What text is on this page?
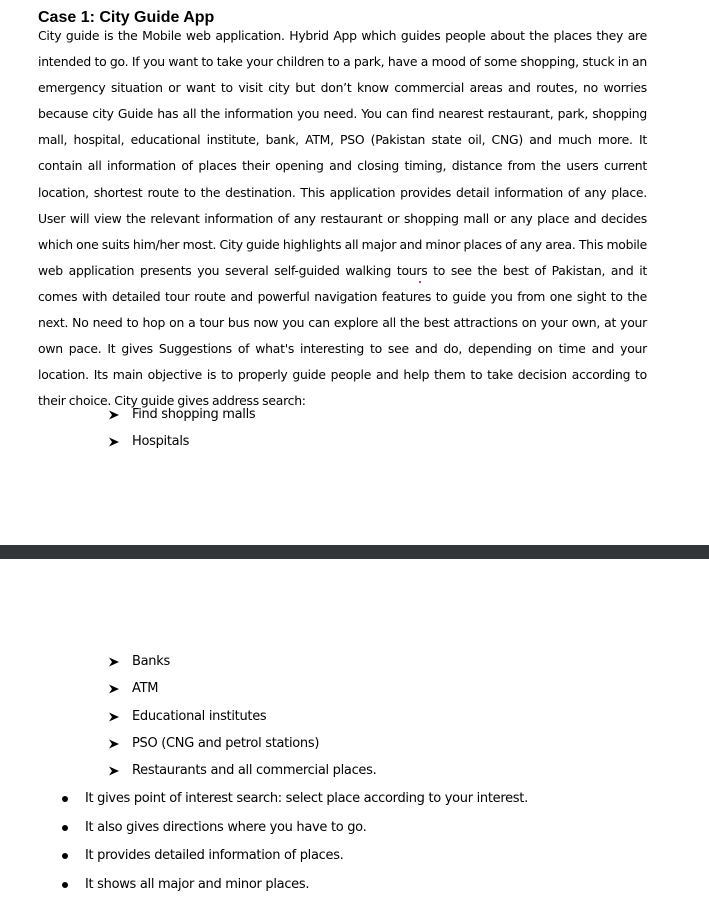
Case 1: City Guide App

City guide is the Mobile web application. Hybrid App which guides people about the places they are intended to go. If you want to take your children to a park, have a mood of some shopping, stuck in an emergency situation or want to visit city but don’t know commercial areas and routes, no worries because city Guide has all the information you need. You can find nearest restaurant, park, shopping mall, hospital, educational institute, bank, ATM, PSO (Pakistan state oil, CNG) and much more. It contain all information of places their opening and closing timing, distance from the users current location, shortest route to the destination. This application provides detail information of any place. User will view the relevant information of any restaurant or shopping mall or any place and decides which one suits him/her most. City guide highlights all major and minor places of any area. This mobile web application presents you several self-guided walking tours to see the best of Pakistan, and it comes with detailed tour route and powerful navigation features to guide you from one sight to the next. No need to hop on a tour bus now you can explore all the best attractions on your own, at your own pace. It gives Suggestions of what's interesting to see and do, depending on time and your location. Its main objective is to properly guide people and help them to take decision according to their choice. City guide gives address search:

Find shopping malls
Hospitals
Banks
ATM
Educational institutes
PSO (CNG and petrol stations)
Restaurants and all commercial places.
It gives point of interest search: select place according to your interest.
It also gives directions where you have to go.
It provides detailed information of places.
It shows all major and minor places.
